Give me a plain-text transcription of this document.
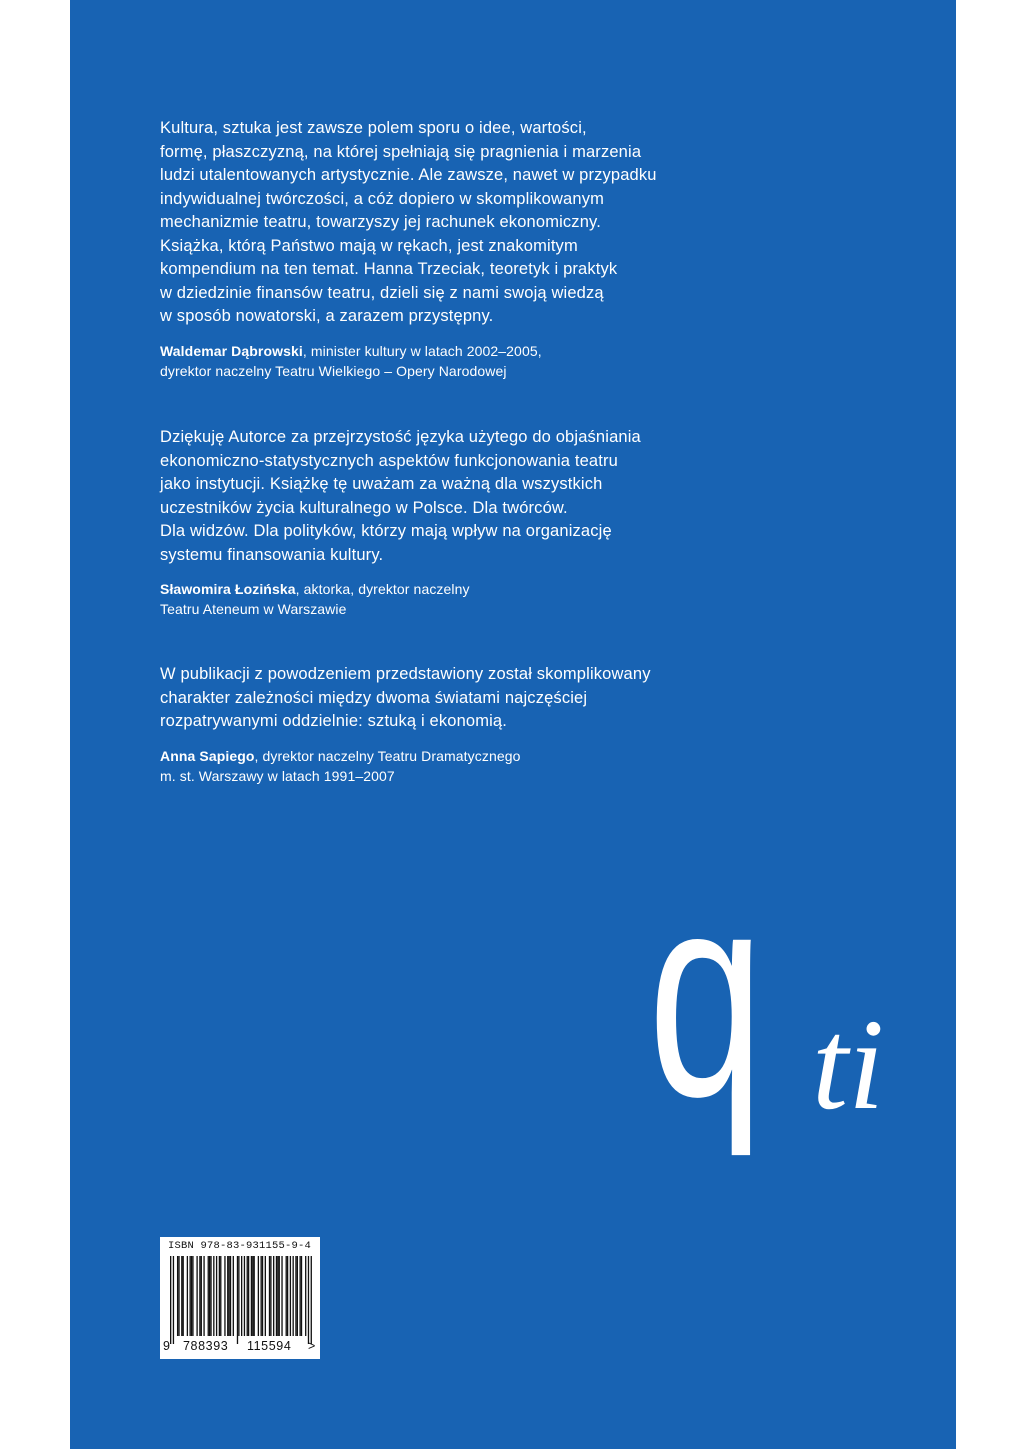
Kultura, sztuka jest zawsze polem sporu o idee, wartości,
formę, płaszczyzną, na której spełniają się pragnienia i marzenia
ludzi utalentowanych artystycznie. Ale zawsze, nawet w przypadku
indywidualnej twórczości, a cóż dopiero w skomplikowanym
mechanizmie teatru, towarzyszy jej rachunek ekonomiczny.
Książka, którą Państwo mają w rękach, jest znakomitym
kompendium na ten temat. Hanna Trzeciak, teoretyk i praktyk
w dziedzinie finansów teatru, dzieli się z nami swoją wiedzą
w sposób nowatorski, a zarazem przystępny.

Waldemar Dąbrowski, minister kultury w latach 2002–2005,
dyrektor naczelny Teatru Wielkiego – Opery Narodowej

Dziękuję Autorce za przejrzystość języka użytego do objaśniania
ekonomiczno-statystycznych aspektów funkcjonowania teatru
jako instytucji. Książkę tę uważam za ważną dla wszystkich
uczestników życia kulturalnego w Polsce. Dla twórców.
Dla widzów. Dla polityków, którzy mają wpływ na organizację
systemu finansowania kultury.

Sławomira Łozińska, aktorka, dyrektor naczelny
Teatru Ateneum w Warszawie

W publikacji z powodzeniem przedstawiony został skomplikowany
charakter zależności między dwoma światami najczęściej
rozpatrywanymi oddzielnie: sztuką i ekonomią.

Anna Sapiego, dyrektor naczelny Teatru Dramatycznego
m. st. Warszawy w latach 1991–2007

q ti
ISBN 978-83-931155-9-4
9 788393 115594 >
